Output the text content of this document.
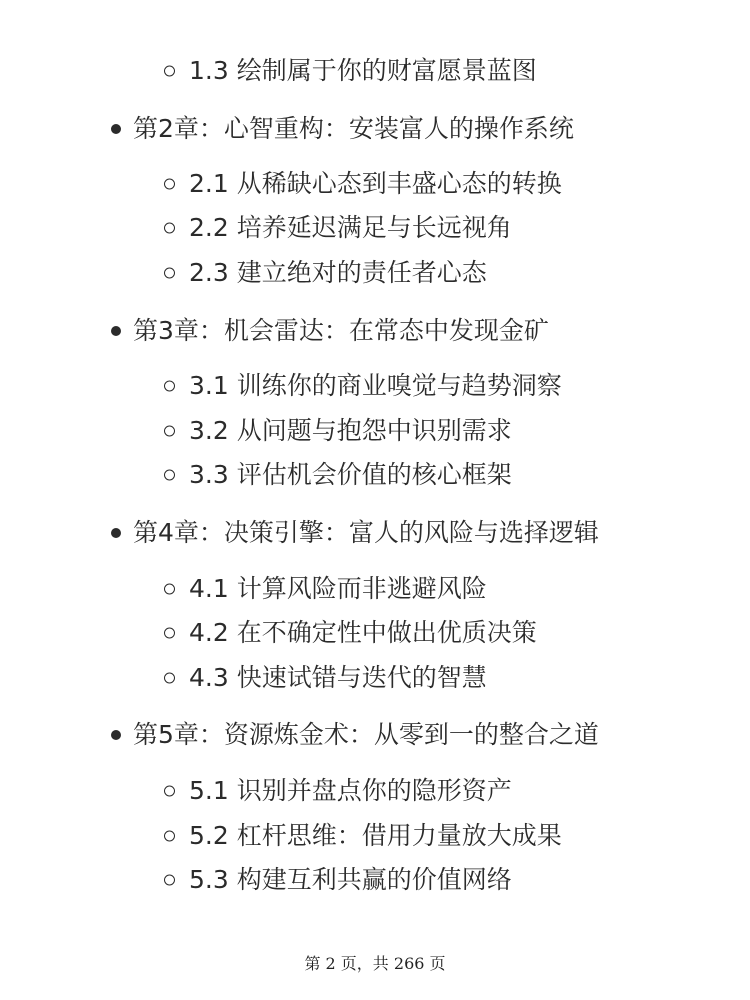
1.3 绘制属于你的财富愿景蓝图
第2章：心智重构：安装富人的操作系统
2.1 从稀缺心态到丰盛心态的转换
2.2 培养延迟满足与长远视角
2.3 建立绝对的责任者心态
第3章：机会雷达：在常态中发现金矿
3.1 训练你的商业嗅觉与趋势洞察
3.2 从问题与抱怨中识别需求
3.3 评估机会价值的核心框架
第4章：决策引擎：富人的风险与选择逻辑
4.1 计算风险而非逃避风险
4.2 在不确定性中做出优质决策
4.3 快速试错与迭代的智慧
第5章：资源炼金术：从零到一的整合之道
5.1 识别并盘点你的隐形资产
5.2 杠杆思维：借用力量放大成果
5.3 构建互利共赢的价值网络
第 2 页，共 266 页
